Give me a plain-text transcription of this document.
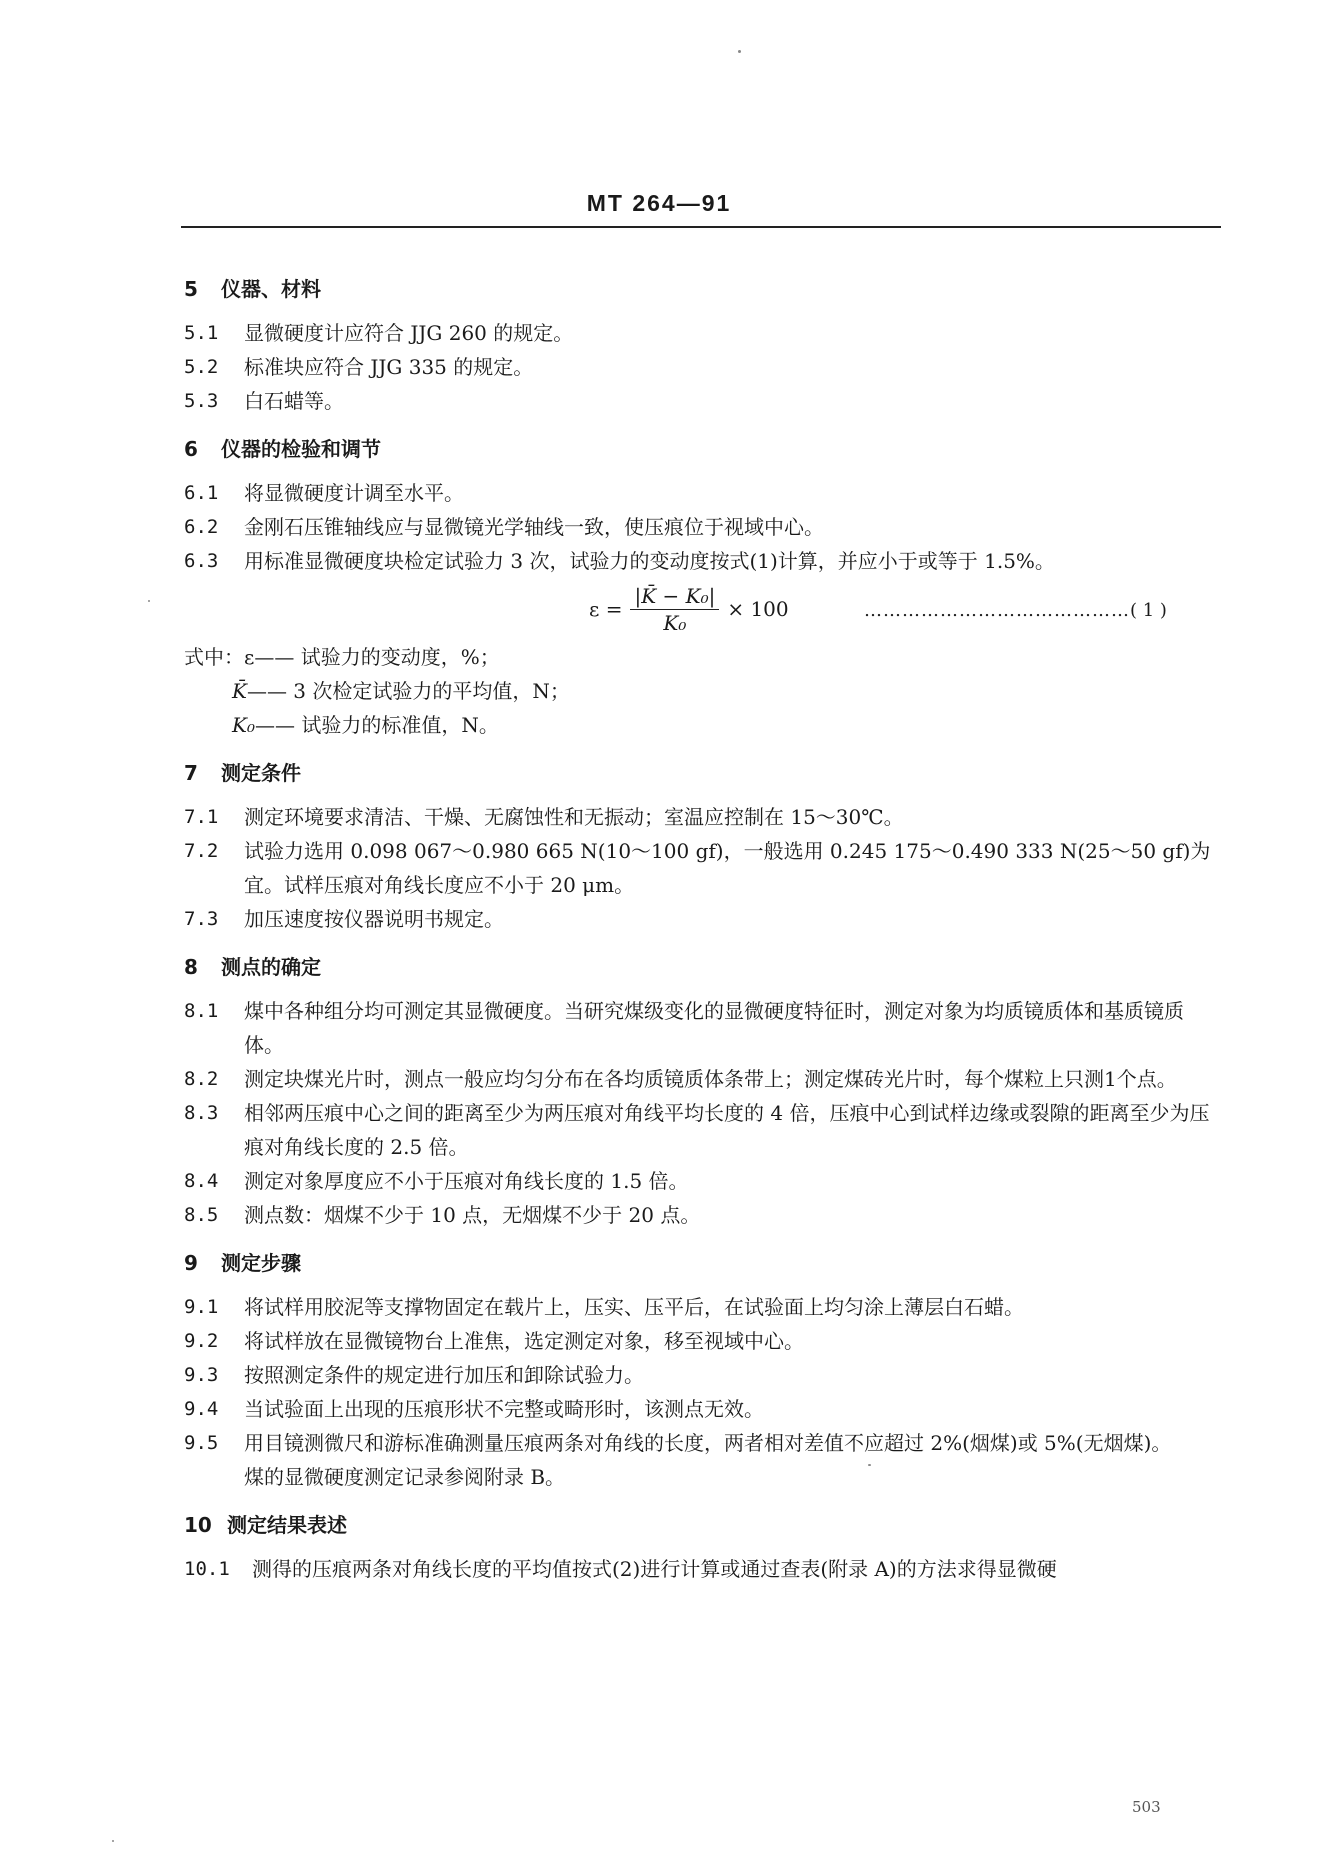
MT 264—91
5 仪器、材料

5.1	显微硬度计应符合 JJG 260 的规定。

5.2	标准块应符合 JJG 335 的规定。

5.3	白石蜡等。

6 仪器的检验和调节

6.1	将显微硬度计调至水平。

6.2	金刚石压锥轴线应与显微镜光学轴线一致，使压痕位于视域中心。

6.3	用标准显微硬度块检定试验力 3 次，试验力的变动度按式(1)计算，并应小于或等于 1.5%。

$\varepsilon = \frac{\text{|K̄ − K₀|}}{\text{K₀}} \times 100$	……………………………………( 1 )

式中：ε—— 试验力的变动度，%；

K̄—— 3 次检定试验力的平均值，N；

K₀—— 试验力的标准值，N。

7 测定条件

7.1	测定环境要求清洁、干燥、无腐蚀性和无振动；室温应控制在 15～30℃。

7.2	试验力选用 0.098 067～0.980 665 N(10～100 gf)，一般选用 0.245 175～0.490 333 N(25～50 gf)为宜。试样压痕对角线长度应不小于 20 μm。

7.3	加压速度按仪器说明书规定。

8 测点的确定

8.1	煤中各种组分均可测定其显微硬度。当研究煤级变化的显微硬度特征时，测定对象为均质镜质体和基质镜质体。

8.2	测定块煤光片时，测点一般应均匀分布在各均质镜质体条带上；测定煤砖光片时，每个煤粒上只测1个点。

8.3	相邻两压痕中心之间的距离至少为两压痕对角线平均长度的 4 倍，压痕中心到试样边缘或裂隙的距离至少为压痕对角线长度的 2.5 倍。

8.4	测定对象厚度应不小于压痕对角线长度的 1.5 倍。

8.5	测点数：烟煤不少于 10 点，无烟煤不少于 20 点。

9 测定步骤

9.1	将试样用胶泥等支撑物固定在载片上，压实、压平后，在试验面上均匀涂上薄层白石蜡。

9.2	将试样放在显微镜物台上准焦，选定测定对象，移至视域中心。

9.3	按照测定条件的规定进行加压和卸除试验力。

9.4	当试验面上出现的压痕形状不完整或畸形时，该测点无效。

9.5	用目镜测微尺和游标准确测量压痕两条对角线的长度，两者相对差值不应超过 2%(烟煤)或 5%(无烟煤)。

煤的显微硬度测定记录参阅附录 B。

10 测定结果表述

10.1	测得的压痕两条对角线长度的平均值按式(2)进行计算或通过查表(附录 A)的方法求得显微硬

503
